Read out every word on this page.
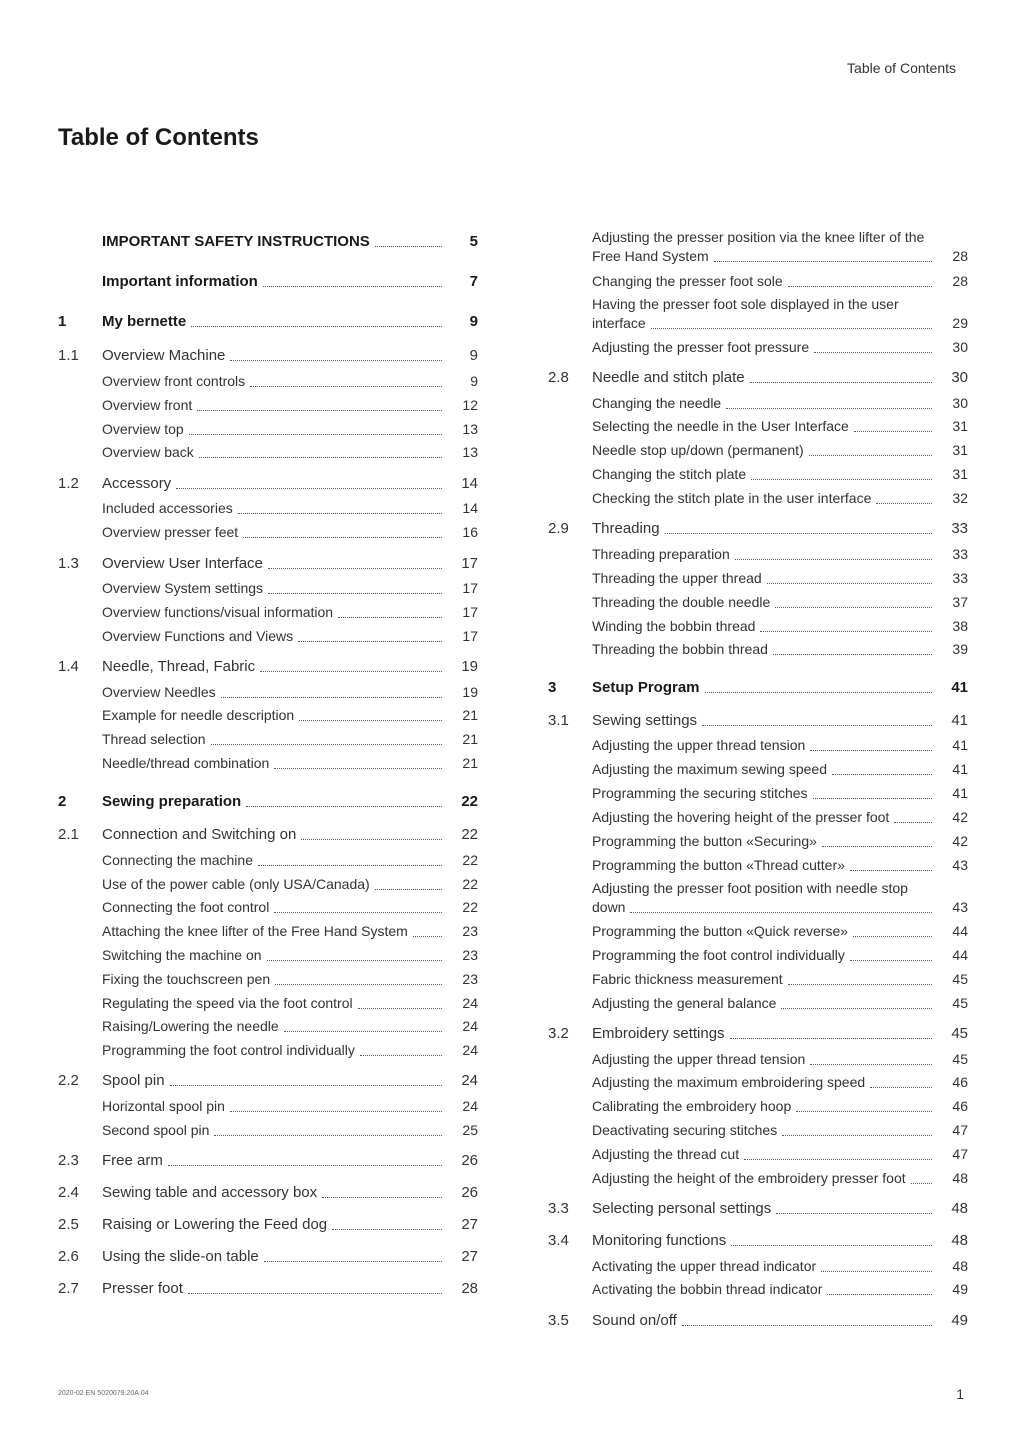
Table of Contents
Table of Contents
IMPORTANT SAFETY INSTRUCTIONS	5
Important information	7
1	My bernette	9
1.1	Overview Machine	9
Overview front controls	9
Overview front	12
Overview top	13
Overview back	13
1.2	Accessory	14
Included accessories	14
Overview presser feet	16
1.3	Overview User Interface	17
Overview System settings	17
Overview functions/visual information	17
Overview Functions and Views	17
1.4	Needle, Thread, Fabric	19
Overview Needles	19
Example for needle description	21
Thread selection	21
Needle/thread combination	21
2	Sewing preparation	22
2.1	Connection and Switching on	22
Connecting the machine	22
Use of the power cable (only USA/Canada)	22
Connecting the foot control	22
Attaching the knee lifter of the Free Hand System	23
Switching the machine on	23
Fixing the touchscreen pen	23
Regulating the speed via the foot control	24
Raising/Lowering the needle	24
Programming the foot control individually	24
2.2	Spool pin	24
Horizontal spool pin	24
Second spool pin	25
2.3	Free arm	26
2.4	Sewing table and accessory box	26
2.5	Raising or Lowering the Feed dog	27
2.6	Using the slide-on table	27
2.7	Presser foot	28
Adjusting the presser position via the knee lifter of the
Free Hand System	28
Changing the presser foot sole	28
Having the presser foot sole displayed in the user
interface	29
Adjusting the presser foot pressure	30
2.8	Needle and stitch plate	30
Changing the needle	30
Selecting the needle in the User Interface	31
Needle stop up/down (permanent)	31
Changing the stitch plate	31
Checking the stitch plate in the user interface	32
2.9	Threading	33
Threading preparation	33
Threading the upper thread	33
Threading the double needle	37
Winding the bobbin thread	38
Threading the bobbin thread	39
3	Setup Program	41
3.1	Sewing settings	41
Adjusting the upper thread tension	41
Adjusting the maximum sewing speed	41
Programming the securing stitches	41
Adjusting the hovering height of the presser foot	42
Programming the button «Securing»	42
Programming the button «Thread cutter»	43
Adjusting the presser foot position with needle stop
down	43
Programming the button «Quick reverse»	44
Programming the foot control individually	44
Fabric thickness measurement	45
Adjusting the general balance	45
3.2	Embroidery settings	45
Adjusting the upper thread tension	45
Adjusting the maximum embroidering speed	46
Calibrating the embroidery hoop	46
Deactivating securing stitches	47
Adjusting the thread cut	47
Adjusting the height of the embroidery presser foot	48
3.3	Selecting personal settings	48
3.4	Monitoring functions	48
Activating the upper thread indicator	48
Activating the bobbin thread indicator	49
3.5	Sound on/off	49
2020-02 EN 5020079.20A.04	1
